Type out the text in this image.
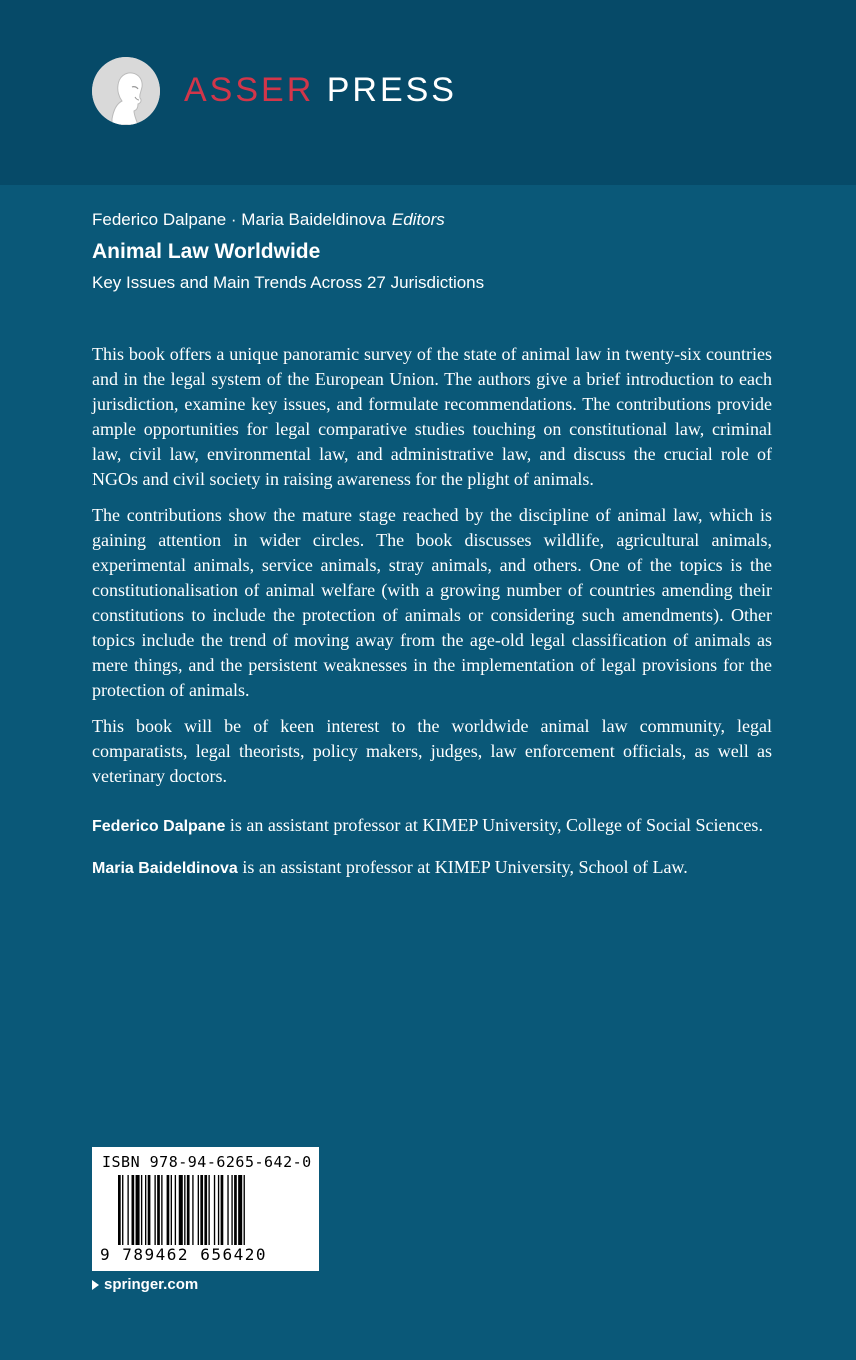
ASSER PRESS
Federico Dalpane · Maria Baideldinova Editors
Animal Law Worldwide
Key Issues and Main Trends Across 27 Jurisdictions

This book offers a unique panoramic survey of the state of animal law in twenty-six countries and in the legal system of the European Union. The authors give a brief introduction to each jurisdiction, examine key issues, and formulate recommendations. The contributions provide ample opportunities for legal comparative studies touching on constitutional law, criminal law, civil law, environmental law, and administrative law, and discuss the crucial role of NGOs and civil society in raising awareness for the plight of animals.

The contributions show the mature stage reached by the discipline of animal law, which is gaining attention in wider circles. The book discusses wildlife, agricultural animals, experimental animals, service animals, stray animals, and others. One of the topics is the constitutionalisation of animal welfare (with a growing number of countries amending their constitutions to include the protection of animals or considering such amendments). Other topics include the trend of moving away from the age-old legal classification of animals as mere things, and the persistent weaknesses in the implementation of legal provisions for the protection of animals.

This book will be of keen interest to the worldwide animal law community, legal comparatists, legal theorists, policy makers, judges, law enforcement officials, as well as veterinary doctors.

Federico Dalpane is an assistant professor at KIMEP University, College of Social Sciences.

Maria Baideldinova is an assistant professor at KIMEP University, School of Law.

ISBN 978-94-6265-642-0
9 789462 656420
springer.com
